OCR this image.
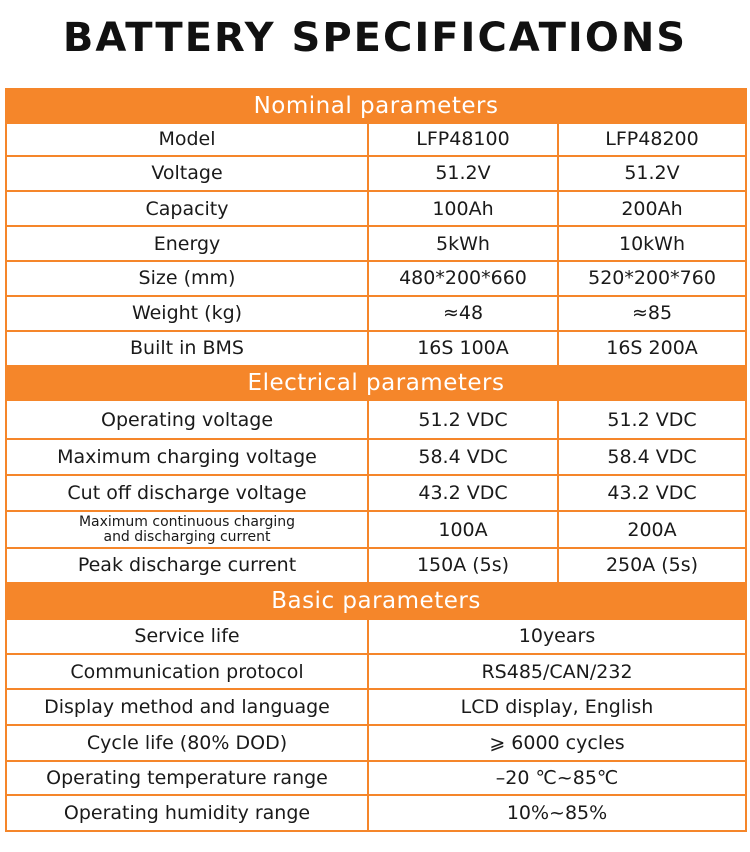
BATTERY SPECIFICATIONS
Nominal parameters		
Model	LFP48100	LFP48200
Voltage	51.2V	51.2V
Capacity	100Ah	200Ah
Energy	5kWh	10kWh
Size (mm)	480*200*660	520*200*760
Weight (kg)	≈48	≈85
Built in BMS	16S 100A	16S 200A
Electrical parameters		
Operating voltage	51.2 VDC	51.2 VDC
Maximum charging voltage	58.4 VDC	58.4 VDC
Cut off discharge voltage	43.2 VDC	43.2 VDC

Maximum continuous charging
and discharging current	100A	200A
Peak discharge current	150A (5s)	250A (5s)
Basic parameters		
Service life	10years	
Communication protocol	RS485/CAN/232	
Display method and language	LCD display, English	
Cycle life (80% DOD)	⩾ 6000 cycles	
Operating temperature range	–20 ℃~85℃	
Operating humidity range	10%~85%	
